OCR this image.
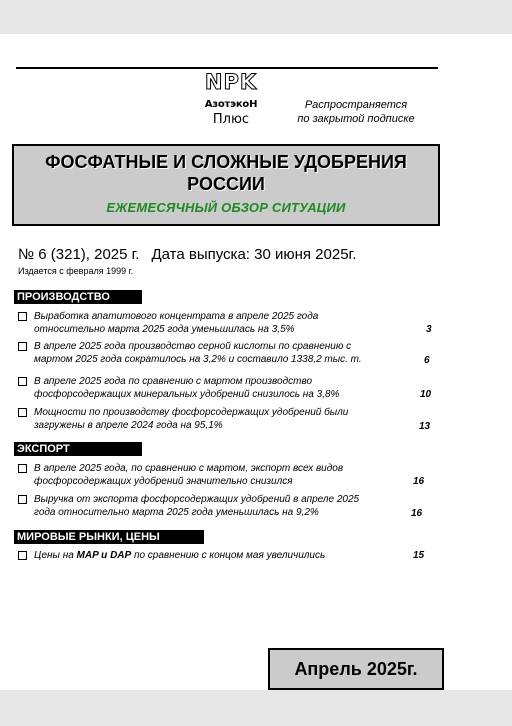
NPK
АзотэкоН
Плюс
Распространяется
по закрытой подписке
ФОСФАТНЫЕ И СЛОЖНЫЕ УДОБРЕНИЯ
РОССИИ
ЕЖЕМЕСЯЧНЫЙ ОБЗОР СИТУАЦИИ
№ 6 (321), 2025 г. Дата выпуска: 30 июня 2025г.
Издается с февраля 1999 г.
ПРОИЗВОДСТВО
Выработка апатитового концентрата в апреле 2025 года
относительно марта 2025 года уменьшилась на 3,5%	3
В апреле 2025 года производство серной кислоты по сравнению с
мартом 2025 года сократилось на 3,2% и составило 1338,2 тыс. т.	6
В апреле 2025 года по сравнению с мартом производство
фосфорсодержащих минеральных удобрений снизилось на 3,8%	10
Мощности по производству фосфорсодержащих удобрений были
загружены в апреле 2024 года на 95,1%	13
ЭКСПОРТ
В апреле 2025 года, по сравнению с мартом, экспорт всех видов
фосфорсодержащих удобрений значительно снизился	16
Выручка от экспорта фосфорсодержащих удобрений в апреле 2025
года относительно марта 2025 года уменьшилась на 9,2%	16
МИРОВЫЕ РЫНКИ, ЦЕНЫ
Цены на MAP и DAP по сравнению с концом мая увеличились	15
Апрель 2025г.
